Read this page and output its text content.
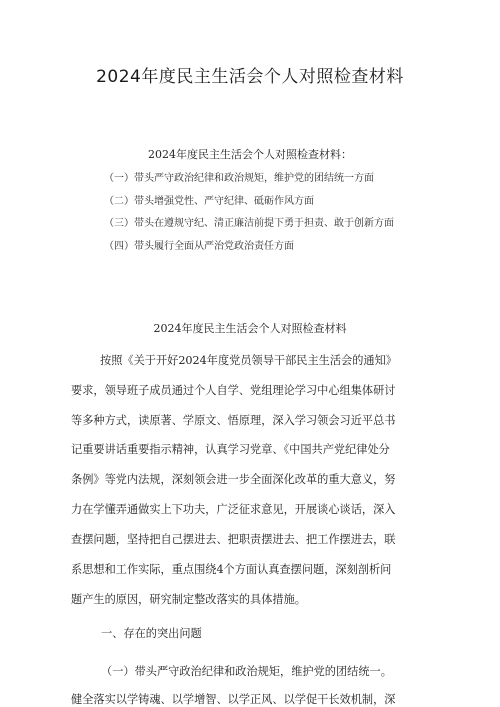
2024年度民主生活会个人对照检查材料
2024年度民主生活会个人对照检查材料：
（一）带头严守政治纪律和政治规矩，维护党的团结统一方面
（二）带头增强党性、严守纪律、砥砺作风方面
（三）带头在遵规守纪、清正廉洁前提下勇于担责、敢于创新方面
（四）带头履行全面从严治党政治责任方面
2024年度民主生活会个人对照检查材料
按照《关于开好2024年度党员领导干部民主生活会的通知》
要求，领导班子成员通过个人自学、党组理论学习中心组集体研讨
等多种方式，读原著、学原文、悟原理，深入学习领会习近平总书
记重要讲话重要指示精神，认真学习党章、《中国共产党纪律处分
条例》等党内法规，深刻领会进一步全面深化改革的重大意义，努
力在学懂弄通做实上下功夫，广泛征求意见，开展谈心谈话，深入
查摆问题，坚持把自己摆进去、把职责摆进去、把工作摆进去，联
系思想和工作实际，重点围绕4个方面认真查摆问题，深刻剖析问
题产生的原因，研究制定整改落实的具体措施。
一、存在的突出问题
（一）带头严守政治纪律和政治规矩，维护党的团结统一。
健全落实以学铸魂、以学增智、以学正风、以学促干长效机制，深
